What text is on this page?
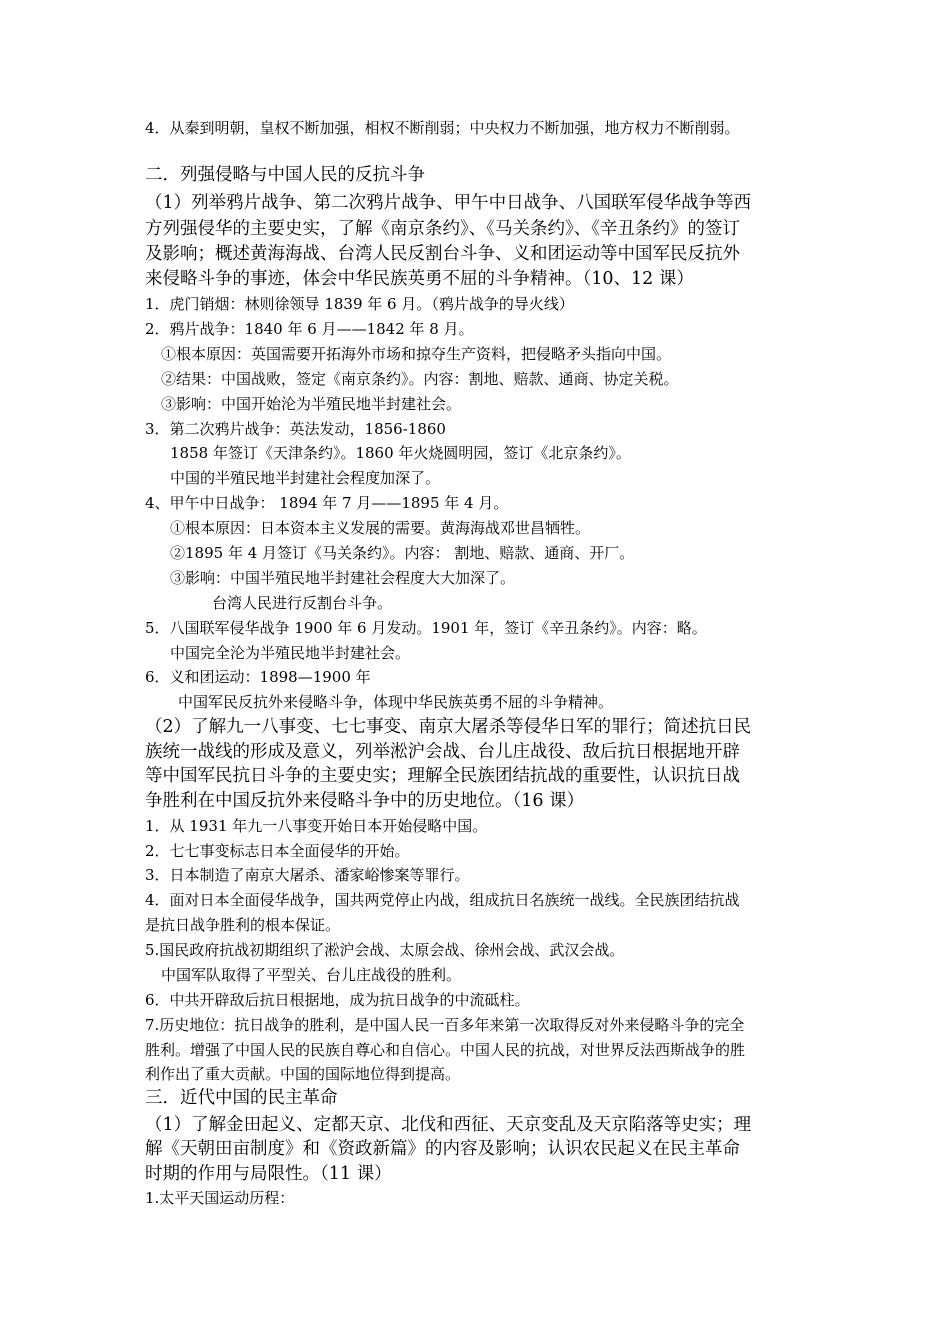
4．从秦到明朝，皇权不断加强，相权不断削弱；中央权力不断加强，地方权力不断削弱。
二．列强侵略与中国人民的反抗斗争
（1）列举鸦片战争、第二次鸦片战争、甲午中日战争、八国联军侵华战争等西
方列强侵华的主要史实，了解《南京条约》、《马关条约》、《辛丑条约》的签订
及影响；概述黄海海战、台湾人民反割台斗争、义和团运动等中国军民反抗外
来侵略斗争的事迹，体会中华民族英勇不屈的斗争精神。（10、12 课）
1．虎门销烟：林则徐领导 1839 年 6 月。（鸦片战争的导火线）
2．鸦片战争：1840 年 6 月——1842 年 8 月。
①根本原因：英国需要开拓海外市场和掠夺生产资料，把侵略矛头指向中国。
②结果：中国战败，签定《南京条约》。内容：割地、赔款、通商、协定关税。
③影响：中国开始沦为半殖民地半封建社会。
3．第二次鸦片战争：英法发动，1856-1860
1858 年签订《天津条约》。1860 年火烧圆明园，签订《北京条约》。
中国的半殖民地半封建社会程度加深了。
4、甲午中日战争： 1894 年 7 月——1895 年 4 月。
①根本原因：日本资本主义发展的需要。黄海海战邓世昌牺牲。
②1895 年 4 月签订《马关条约》。内容： 割地、赔款、通商、开厂。
③影响：中国半殖民地半封建社会程度大大加深了。
台湾人民进行反割台斗争。
5．八国联军侵华战争 1900 年 6 月发动。1901 年，签订《辛丑条约》。内容：略。
中国完全沦为半殖民地半封建社会。
6．义和团运动：1898—1900 年
中国军民反抗外来侵略斗争，体现中华民族英勇不屈的斗争精神。
（2）了解九一八事变、七七事变、南京大屠杀等侵华日军的罪行；简述抗日民
族统一战线的形成及意义，列举淞沪会战、台儿庄战役、敌后抗日根据地开辟
等中国军民抗日斗争的主要史实；理解全民族团结抗战的重要性，认识抗日战
争胜利在中国反抗外来侵略斗争中的历史地位。（16 课）
1．从 1931 年九一八事变开始日本开始侵略中国。
2．七七事变标志日本全面侵华的开始。
3．日本制造了南京大屠杀、潘家峪惨案等罪行。
4．面对日本全面侵华战争，国共两党停止内战，组成抗日名族统一战线。全民族团结抗战
是抗日战争胜利的根本保证。
5.国民政府抗战初期组织了淞沪会战、太原会战、徐州会战、武汉会战。
中国军队取得了平型关、台儿庄战役的胜利。
6．中共开辟敌后抗日根据地，成为抗日战争的中流砥柱。
7.历史地位：抗日战争的胜利，是中国人民一百多年来第一次取得反对外来侵略斗争的完全
胜利。增强了中国人民的民族自尊心和自信心。中国人民的抗战，对世界反法西斯战争的胜
利作出了重大贡献。中国的国际地位得到提高。
三．近代中国的民主革命
（1）了解金田起义、定都天京、北伐和西征、天京变乱及天京陷落等史实；理
解《天朝田亩制度》和《资政新篇》的内容及影响；认识农民起义在民主革命
时期的作用与局限性。（11 课）
1.太平天国运动历程：
